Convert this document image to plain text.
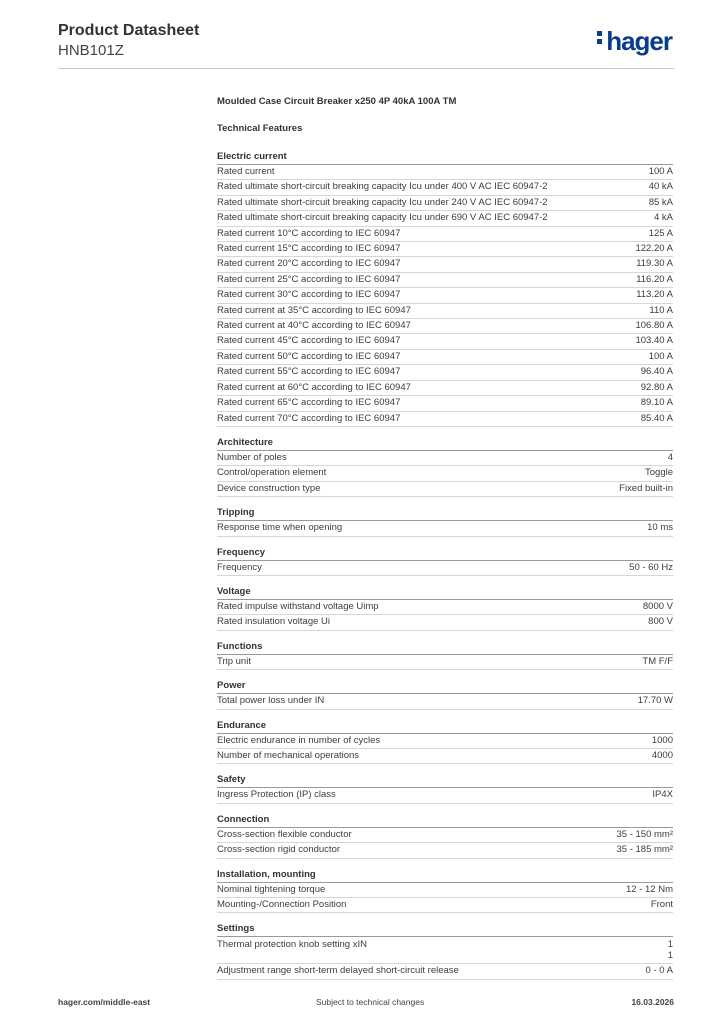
Product Datasheet
HNB101Z	hager
Moulded Case Circuit Breaker x250 4P 40kA 100A TM
Technical Features
Electric current
Rated current	100 A
Rated ultimate short-circuit breaking capacity Icu under 400 V AC IEC 60947-2	40 kA
Rated ultimate short-circuit breaking capacity Icu under 240 V AC IEC 60947-2	85 kA
Rated ultimate short-circuit breaking capacity Icu under 690 V AC IEC 60947-2	4 kA
Rated current 10°C according to IEC 60947	125 A
Rated current 15°C according to IEC 60947	122.20 A
Rated current 20°C according to IEC 60947	119.30 A
Rated current 25°C according to IEC 60947	116.20 A
Rated current 30°C according to IEC 60947	113.20 A
Rated current at 35°C according to IEC 60947	110 A
Rated current at 40°C according to IEC 60947	106.80 A
Rated current 45°C according to IEC 60947	103.40 A
Rated current 50°C according to IEC 60947	100 A
Rated current 55°C according to IEC 60947	96.40 A
Rated current at 60°C according to IEC 60947	92.80 A
Rated current 65°C according to IEC 60947	89.10 A
Rated current 70°C according to IEC 60947	85.40 A
Architecture
Number of poles	4
Control/operation element	Toggle
Device construction type	Fixed built-in
Tripping
Response time when opening	10 ms
Frequency
Frequency	50 - 60 Hz
Voltage
Rated impulse withstand voltage Uimp	8000 V
Rated insulation voltage Ui	800 V
Functions
Trip unit	TM F/F
Power
Total power loss under IN	17.70 W
Endurance
Electric endurance in number of cycles	1000
Number of mechanical operations	4000
Safety
Ingress Protection (IP) class	IP4X
Connection
Cross-section flexible conductor	35 - 150 mm²
Cross-section rigid conductor	35 - 185 mm²
Installation, mounting
Nominal tightening torque	12 - 12 Nm
Mounting-/Connection Position	Front
Settings
Thermal protection knob setting xIN	1
1
Adjustment range short-term delayed short-circuit release	0 - 0 A
hager.com/middle-east	Subject to technical changes	16.03.2026
